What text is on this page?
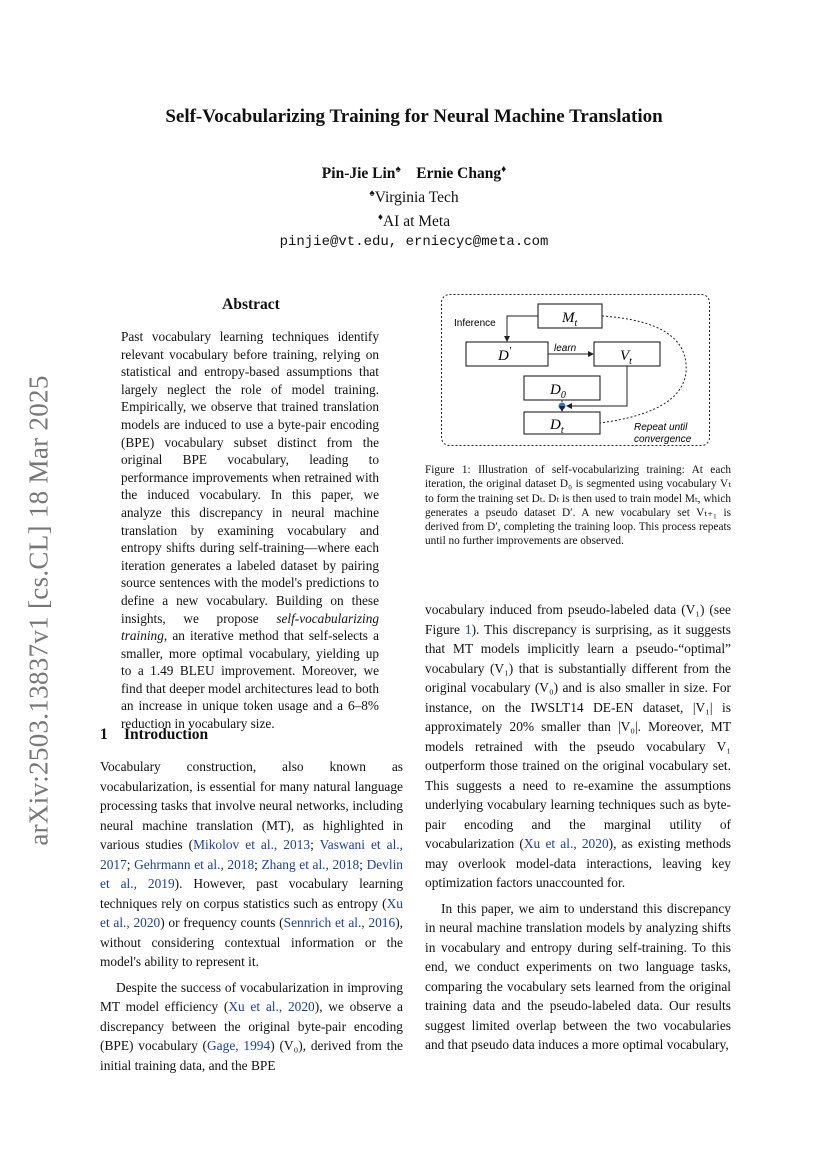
arXiv:2503.13837v1 [cs.CL] 18 Mar 2025
Self-Vocabularizing Training for Neural Machine Translation
Pin-Jie Lin♠ Ernie Chang♦
♠Virginia Tech
♦AI at Meta
pinjie@vt.edu, erniecyc@meta.com
Abstract
Past vocabulary learning techniques identify relevant vocabulary before training, relying on statistical and entropy-based assumptions that largely neglect the role of model training. Empirically, we observe that trained translation models are induced to use a byte-pair encoding (BPE) vocabulary subset distinct from the original BPE vocabulary, leading to performance improvements when retrained with the induced vocabulary. In this paper, we analyze this discrepancy in neural machine translation by examining vocabulary and entropy shifts during self-training—where each iteration generates a labeled dataset by pairing source sentences with the model's predictions to define a new vocabulary. Building on these insights, we propose self-vocabularizing training, an iterative method that self-selects a smaller, more optimal vocabulary, yielding up to a 1.49 BLEU improvement. Moreover, we find that deeper model architectures lead to both an increase in unique token usage and a 6–8% reduction in vocabulary size.
1 Introduction

Vocabulary construction, also known as vocabularization, is essential for many natural language processing tasks that involve neural networks, including neural machine translation (MT), as highlighted in various studies (Mikolov et al., 2013; Vaswani et al., 2017; Gehrmann et al., 2018; Zhang et al., 2018; Devlin et al., 2019). However, past vocabulary learning techniques rely on corpus statistics such as entropy (Xu et al., 2020) or frequency counts (Sennrich et al., 2016), without considering contextual information or the model's ability to represent it.

Despite the success of vocabularization in improving MT model efficiency (Xu et al., 2020), we observe a discrepancy between the original byte-pair encoding (BPE) vocabulary (Gage, 1994) (V₀), derived from the initial training data, and the BPE

Inference	$M_t$
D′	$V_t$
learn
$D_0$
$D_t$	Repeat until
convergence
Figure 1: Illustration of self-vocabularizing training: At each iteration, the original dataset D₀ is segmented using vocabulary Vₜ to form the training set Dₜ. Dₜ is then used to train model Mₜ, which generates a pseudo dataset D′. A new vocabulary set Vₜ₊₁ is derived from D′, completing the training loop. This process repeats until no further improvements are observed.

vocabulary induced from pseudo-labeled data (V₁) (see Figure 1). This discrepancy is surprising, as it suggests that MT models implicitly learn a pseudo-“optimal” vocabulary (V₁) that is substantially different from the original vocabulary (V₀) and is also smaller in size. For instance, on the IWSLT14 DE-EN dataset, |V₁| is approximately 20% smaller than |V₀|. Moreover, MT models retrained with the pseudo vocabulary V₁ outperform those trained on the original vocabulary set. This suggests a need to re-examine the assumptions underlying vocabulary learning techniques such as byte-pair encoding and the marginal utility of vocabularization (Xu et al., 2020), as existing methods may overlook model-data interactions, leaving key optimization factors unaccounted for.

In this paper, we aim to understand this discrepancy in neural machine translation models by analyzing shifts in vocabulary and entropy during self-training. To this end, we conduct experiments on two language tasks, comparing the vocabulary sets learned from the original training data and the pseudo-labeled data. Our results suggest limited overlap between the two vocabularies and that pseudo data induces a more optimal vocabulary,
